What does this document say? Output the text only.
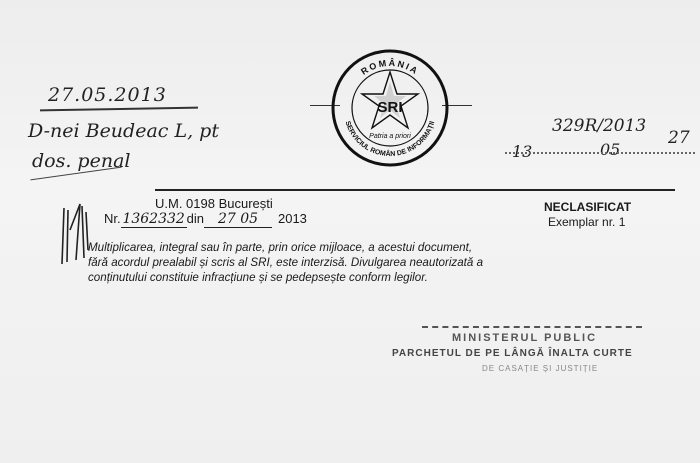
27.05.2013
D-nei Beudeac L, pt
dos. penal
329R/2013
13	05
27
ROMÂNIA
SERVICIUL ROMÂN DE INFORMAȚII
SRI
Patria a priori
U.M. 0198 București
Nr. 1362332 din 27 05	2013
NECLASIFICAT
Exemplar nr. 1
Multiplicarea, integral sau în parte, prin orice mijloace, a acestui document, fără acordul prealabil și scris al SRI, este interzisă. Divulgarea neautorizată a conținutului constituie infracțiune și se pedepsește conform legilor.
MINISTERUL PUBLIC
PARCHETUL DE PE LÂNGĂ ÎNALTA CURTE
DE CASAȚIE ȘI JUSTIȚIE
